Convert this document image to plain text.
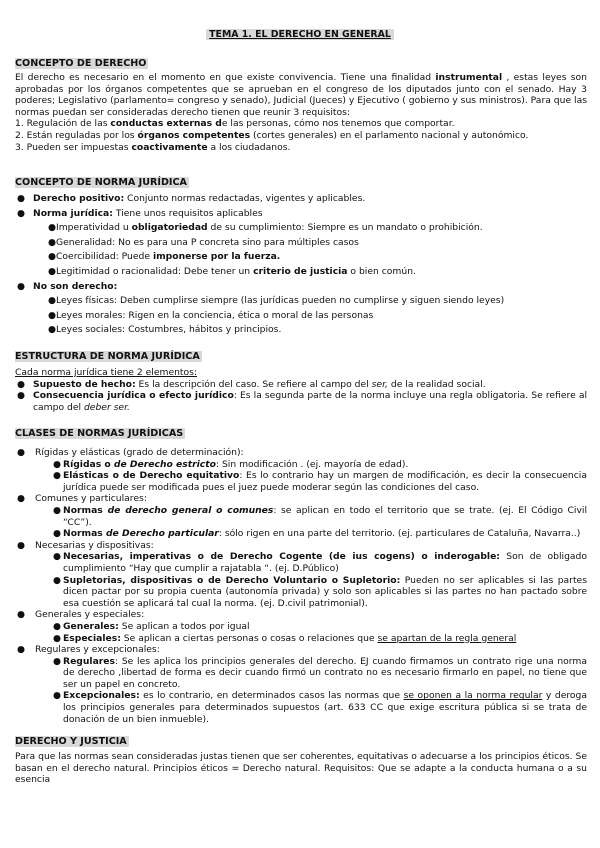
TEMA 1. EL DERECHO EN GENERAL
CONCEPTO DE DERECHO

El derecho es necesario en el momento en que existe convivencia. Tiene una finalidad instrumental , estas leyes son aprobadas por los órganos competentes que se aprueban en el congreso de los diputados junto con el senado. Hay 3 poderes; Legislativo (parlamento= congreso y senado), Judicial (Jueces) y Ejecutivo ( gobierno y sus ministros). Para que las normas puedan ser consideradas derecho tienen que reunir 3 requisitos:

1. Regulación de las conductas externas de las personas, cómo nos tenemos que comportar.

2. Están reguladas por los órganos competentes (cortes generales) en el parlamento nacional y autonómico.

3. Pueden ser impuestas coactivamente a los ciudadanos.

CONCEPTO DE NORMA JURÍDICA
● Derecho positivo: Conjunto normas redactadas, vigentes y aplicables.
● Norma jurídica: Tiene unos requisitos aplicables
●Imperatividad u obligatoriedad de su cumplimiento: Siempre es un mandato o prohibición.
●Generalidad: No es para una P concreta sino para múltiples casos
●Coercibilidad: Puede imponerse por la fuerza.
●Legitimidad o racionalidad: Debe tener un criterio de justicia o bien común.
● No son derecho:
●Leyes físicas: Deben cumplirse siempre (las jurídicas pueden no cumplirse y siguen siendo leyes)
●Leyes morales: Rigen en la conciencia, ética o moral de las personas
●Leyes sociales: Costumbres, hábitos y principios.
ESTRUCTURA DE NORMA JURÍDICA

Cada norma jurídica tiene 2 elementos:

● Supuesto de hecho: Es la descripción del caso. Se refiere al campo del ser, de la realidad social.
● Consecuencia jurídica o efecto jurídico: Es la segunda parte de la norma incluye una regla obligatoria. Se refiere al campo del deber ser.
CLASES DE NORMAS JURÍDICAS
● Rígidas y elásticas (grado de determinación):
● Rígidas o de Derecho estricto: Sin modificación . (ej. mayoría de edad).
● Elásticas o de Derecho equitativo: Es lo contrario hay un margen de modificación, es decir la consecuencia jurídica puede ser modificada pues el juez puede moderar según las condiciones del caso.
● Comunes y particulares:
● Normas de derecho general o comunes: se aplican en todo el territorio que se trate. (ej. El Código Civil “CC”).
● Normas de Derecho particular: sólo rigen en una parte del territorio. (ej. particulares de Cataluña, Navarra..)
● Necesarias y dispositivas:
● Necesarias, imperativas o de Derecho Cogente (de ius cogens) o inderogable: Son de obligado cumplimiento “Hay que cumplir a rajatabla “. (ej. D.Público)
● Supletorias, dispositivas o de Derecho Voluntario o Supletorio: Pueden no ser aplicables si las partes dicen pactar por su propia cuenta (autonomía privada) y solo son aplicables si las partes no han pactado sobre esa cuestión se aplicará tal cual la norma. (ej. D.civil patrimonial).
● Generales y especiales:
● Generales: Se aplican a todos por igual
● Especiales: Se aplican a ciertas personas o cosas o relaciones que se apartan de la regla general
● Regulares y excepcionales:
● Regulares: Se les aplica los principios generales del derecho. EJ cuando firmamos un contrato rige una norma de derecho ,libertad de forma es decir cuando firmó un contrato no es necesario firmarlo en papel, no tiene que ser un papel en concreto.
● Excepcionales: es lo contrario, en determinados casos las normas que se oponen a la norma regular y deroga los principios generales para determinados supuestos (art. 633 CC que exige escritura pública si se trata de donación de un bien inmueble).
DERECHO Y JUSTICIA

Para que las normas sean consideradas justas tienen que ser coherentes, equitativas o adecuarse a los principios éticos. Se basan en el derecho natural. Principios éticos = Derecho natural. Requisitos: Que se adapte a la conducta humana o a su esencia
